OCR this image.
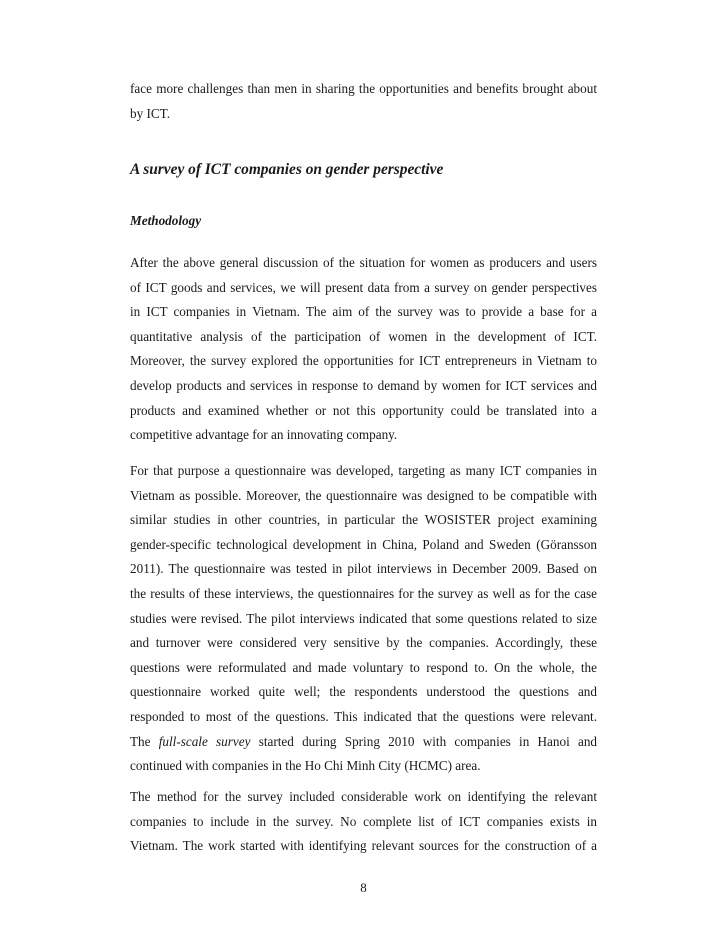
face more challenges than men in sharing the opportunities and benefits brought about
by ICT.

A survey of ICT companies on gender perspective
Methodology

After the above general discussion of the situation for women as producers and users
of ICT goods and services, we will present data from a survey on gender perspectives
in ICT companies in Vietnam. The aim of the survey was to provide a base for a
quantitative analysis of the participation of women in the development of ICT.
Moreover, the survey explored the opportunities for ICT entrepreneurs in Vietnam to
develop products and services in response to demand by women for ICT services and
products and examined whether or not this opportunity could be translated into a
competitive advantage for an innovating company.

For that purpose a questionnaire was developed, targeting as many ICT companies in
Vietnam as possible. Moreover, the questionnaire was designed to be compatible with
similar studies in other countries, in particular the WOSISTER project examining
gender-specific technological development in China, Poland and Sweden (Göransson
2011). The questionnaire was tested in pilot interviews in December 2009. Based on
the results of these interviews, the questionnaires for the survey as well as for the case
studies were revised. The pilot interviews indicated that some questions related to size
and turnover were considered very sensitive by the companies. Accordingly, these
questions were reformulated and made voluntary to respond to. On the whole, the
questionnaire worked quite well; the respondents understood the questions and
responded to most of the questions. This indicated that the questions were relevant.
The full-scale survey started during Spring 2010 with companies in Hanoi and
continued with companies in the Ho Chi Minh City (HCMC) area.

The method for the survey included considerable work on identifying the relevant
companies to include in the survey. No complete list of ICT companies exists in
Vietnam. The work started with identifying relevant sources for the construction of a

8
